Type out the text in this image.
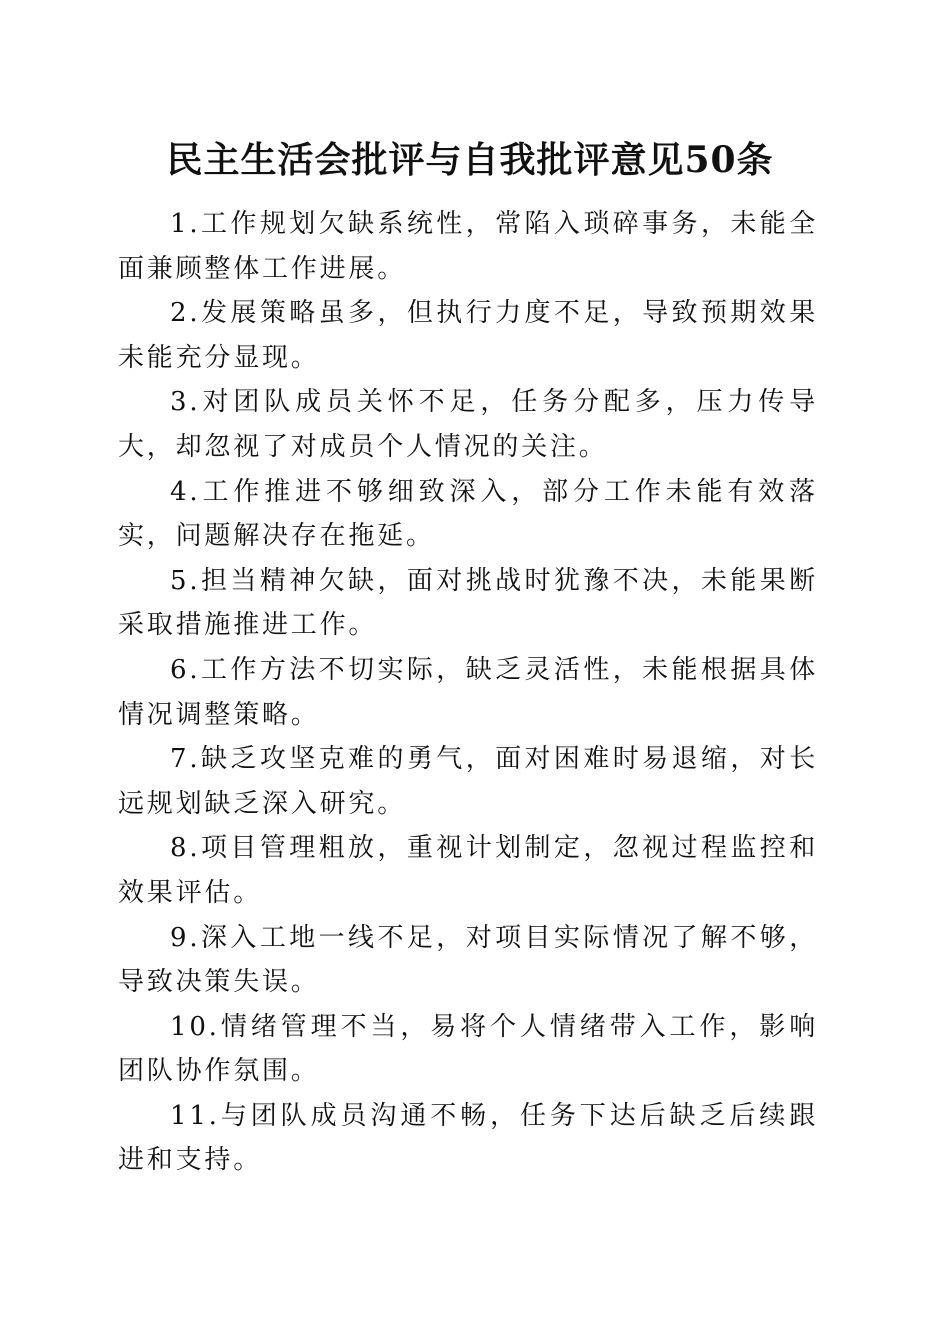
民主生活会批评与自我批评意见50条

1.工作规划欠缺系统性，常陷入琐碎事务，未能全面兼顾整体工作进展。

2.发展策略虽多，但执行力度不足，导致预期效果未能充分显现。

3.对团队成员关怀不足，任务分配多，压力传导大，却忽视了对成员个人情况的关注。

4.工作推进不够细致深入，部分工作未能有效落实，问题解决存在拖延。

5.担当精神欠缺，面对挑战时犹豫不决，未能果断采取措施推进工作。

6.工作方法不切实际，缺乏灵活性，未能根据具体情况调整策略。

7.缺乏攻坚克难的勇气，面对困难时易退缩，对长远规划缺乏深入研究。

8.项目管理粗放，重视计划制定，忽视过程监控和效果评估。

9.深入工地一线不足，对项目实际情况了解不够，导致决策失误。

10.情绪管理不当，易将个人情绪带入工作，影响团队协作氛围。

11.与团队成员沟通不畅，任务下达后缺乏后续跟进和支持。
